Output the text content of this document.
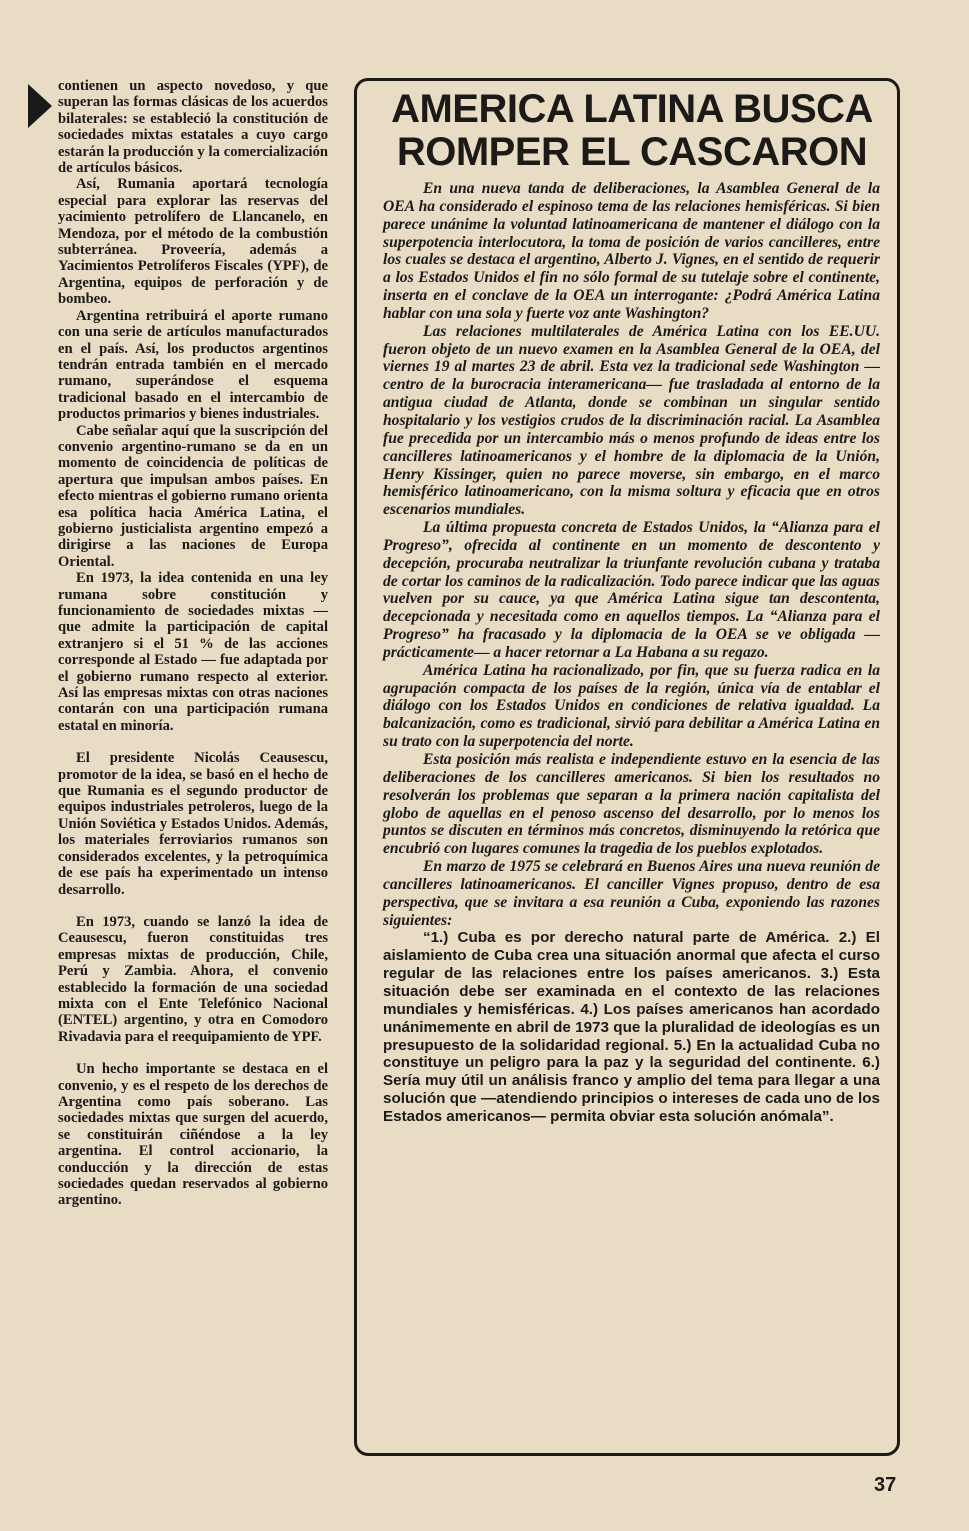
contienen un aspecto novedoso, y que superan las formas clásicas de los acuerdos bilaterales: se estableció la constitución de sociedades mixtas estatales a cuyo cargo estarán la producción y la comercialización de artículos básicos.

Así, Rumania aportará tecnología especial para explorar las reservas del yacimiento petrolífero de Llancanelo, en Mendoza, por el método de la combustión subterránea. Proveería, además a Yacimientos Petrolíferos Fiscales (YPF), de Argentina, equipos de perforación y de bombeo.

Argentina retribuirá el aporte rumano con una serie de artículos manufacturados en el país. Así, los productos argentinos tendrán entrada también en el mercado rumano, superándose el esquema tradicional basado en el intercambio de productos primarios y bienes industriales.

Cabe señalar aquí que la suscripción del convenio argentino-rumano se da en un momento de coincidencia de políticas de apertura que impulsan ambos países. En efecto mientras el gobierno rumano orienta esa política hacia América Latina, el gobierno justicialista argentino empezó a dirigirse a las naciones de Europa Oriental.

En 1973, la idea contenida en una ley rumana sobre constitución y funcionamiento de sociedades mixtas —que admite la participación de capital extranjero si el 51 % de las acciones corresponde al Estado — fue adaptada por el gobierno rumano respecto al exterior. Así las empresas mixtas con otras naciones contarán con una participación rumana estatal en minoría.

El presidente Nicolás Ceausescu, promotor de la idea, se basó en el hecho de que Rumania es el segundo productor de equipos industriales petroleros, luego de la Unión Soviética y Estados Unidos. Además, los materiales ferroviarios rumanos son considerados excelentes, y la petroquímica de ese país ha experimentado un intenso desarrollo.

En 1973, cuando se lanzó la idea de Ceausescu, fueron constituidas tres empresas mixtas de producción, Chile, Perú y Zambia. Ahora, el convenio establecido la formación de una sociedad mixta con el Ente Telefónico Nacional (ENTEL) argentino, y otra en Comodoro Rivadavia para el reequipamiento de YPF.

Un hecho importante se destaca en el convenio, y es el respeto de los derechos de Argentina como país soberano. Las sociedades mixtas que surgen del acuerdo, se constituirán ciñéndose a la ley argentina. El control accionario, la conducción y la dirección de estas sociedades quedan reservados al gobierno argentino.

AMERICA LATINA BUSCA ROMPER EL CASCARON

En una nueva tanda de deliberaciones, la Asamblea General de la OEA ha considerado el espinoso tema de las relaciones hemisféricas. Si bien parece unánime la voluntad latinoamericana de mantener el diálogo con la superpotencia interlocutora, la toma de posición de varios cancilleres, entre los cuales se destaca el argentino, Alberto J. Vignes, en el sentido de requerir a los Estados Unidos el fin no sólo formal de su tutelaje sobre el continente, inserta en el conclave de la OEA un interrogante: ¿Podrá América Latina hablar con una sola y fuerte voz ante Washington?

Las relaciones multilaterales de América Latina con los EE.UU. fueron objeto de un nuevo examen en la Asamblea General de la OEA, del viernes 19 al martes 23 de abril. Esta vez la tradicional sede Washington —centro de la burocracia interamericana— fue trasladada al entorno de la antigua ciudad de Atlanta, donde se combinan un singular sentido hospitalario y los vestigios crudos de la discriminación racial. La Asamblea fue precedida por un intercambio más o menos profundo de ideas entre los cancilleres latinoamericanos y el hombre de la diplomacia de la Unión, Henry Kissinger, quien no parece moverse, sin embargo, en el marco hemisférico latinoamericano, con la misma soltura y eficacia que en otros escenarios mundiales.

La última propuesta concreta de Estados Unidos, la “Alianza para el Progreso”, ofrecida al continente en un momento de descontento y decepción, procuraba neutralizar la triunfante revolución cubana y trataba de cortar los caminos de la radicalización. Todo parece indicar que las aguas vuelven por su cauce, ya que América Latina sigue tan descontenta, decepcionada y necesitada como en aquellos tiempos. La “Alianza para el Progreso” ha fracasado y la diplomacia de la OEA se ve obligada —prácticamente— a hacer retornar a La Habana a su regazo.

América Latina ha racionalizado, por fin, que su fuerza radica en la agrupación compacta de los países de la región, única vía de entablar el diálogo con los Estados Unidos en condiciones de relativa igualdad. La balcanización, como es tradicional, sirvió para debilitar a América Latina en su trato con la superpotencia del norte.

Esta posición más realista e independiente estuvo en la esencia de las deliberaciones de los cancilleres americanos. Si bien los resultados no resolverán los problemas que separan a la primera nación capitalista del globo de aquellas en el penoso ascenso del desarrollo, por lo menos los puntos se discuten en términos más concretos, disminuyendo la retórica que encubrió con lugares comunes la tragedia de los pueblos explotados.

En marzo de 1975 se celebrará en Buenos Aires una nueva reunión de cancilleres latinoamericanos. El canciller Vignes propuso, dentro de esa perspectiva, que se invitara a esa reunión a Cuba, exponiendo las razones siguientes:

“1.) Cuba es por derecho natural parte de América. 2.) El aislamiento de Cuba crea una situación anormal que afecta el curso regular de las relaciones entre los países americanos. 3.) Esta situación debe ser examinada en el contexto de las relaciones mundiales y hemisféricas. 4.) Los países americanos han acordado unánimemente en abril de 1973 que la pluralidad de ideologías es un presupuesto de la solidaridad regional. 5.) En la actualidad Cuba no constituye un peligro para la paz y la seguridad del continente. 6.) Sería muy útil un análisis franco y amplio del tema para llegar a una solución que —atendiendo principios o intereses de cada uno de los Estados americanos— permita obviar esta solución anómala”.

37
